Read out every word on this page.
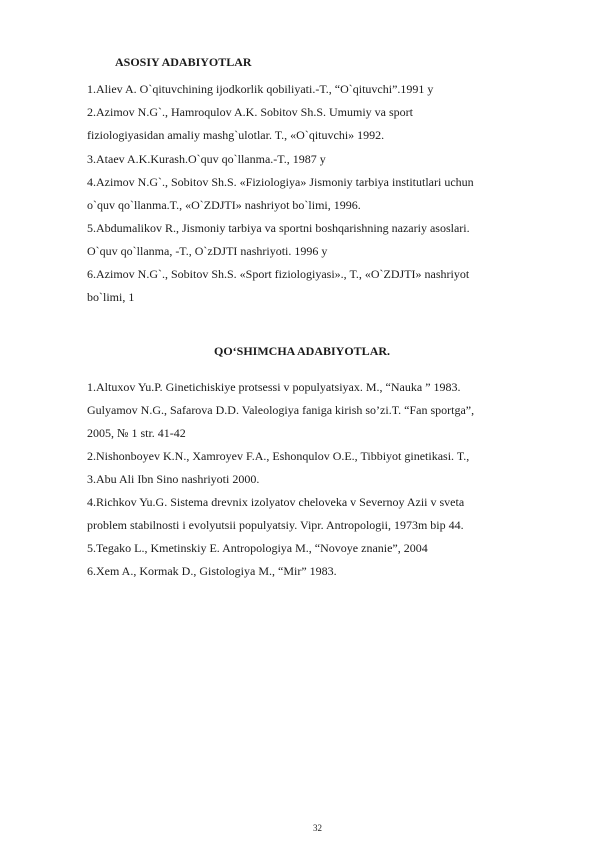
ASOSIY ADABIYOTLAR
1.Aliev A. O`qituvchining ijodkorlik qobiliyati.-T., “O`qituvchi”.1991 y
2.Azimov N.G`., Hamroqulov A.K. Sobitov Sh.S. Umumiy va sport
fiziologiyasidan amaliy mashg`ulotlar. T., «O`qituvchi» 1992.
3.Ataev A.K.Kurash.O`quv qo`llanma.-T., 1987 y
4.Azimov N.G`., Sobitov Sh.S. «Fiziologiya» Jismoniy tarbiya institutlari uchun
o`quv qo`llanma.T., «O`ZDJTI» nashriyot bo`limi, 1996.
5.Abdumalikov R., Jismoniy tarbiya va sportni boshqarishning nazariy asoslari.
O`quv qo`llanma, -T., O`zDJTI nashriyoti. 1996 y
6.Azimov N.G`., Sobitov Sh.S. «Sport fiziologiyasi»., T., «O`ZDJTI» nashriyot
bo`limi, 1
QO‘SHIMCHA ADABIYOTLAR.
1.Altuxov Yu.P. Ginetichiskiye protsessi v populyatsiyax. M., “Nauka ” 1983.
Gulyamov N.G., Safarova D.D. Valeologiya faniga kirish so’zi.T. “Fan sportga”,
2005, № 1 str. 41-42
2.Nishonboyev K.N., Xamroyev F.A., Eshonqulov O.E., Tibbiyot ginetikasi. T.,
3.Abu Ali Ibn Sino nashriyoti 2000.
4.Richkov Yu.G. Sistema drevnix izolyatov cheloveka v Severnoy Azii v sveta
problem stabilnosti i evolyutsii populyatsiy. Vipr. Antropologii, 1973m bip 44.
5.Tegako L., Kmetinskiy E. Antropologiya M., “Novoye znanie”, 2004
6.Xem A., Kormak D., Gistologiya M., “Mir” 1983.
32
